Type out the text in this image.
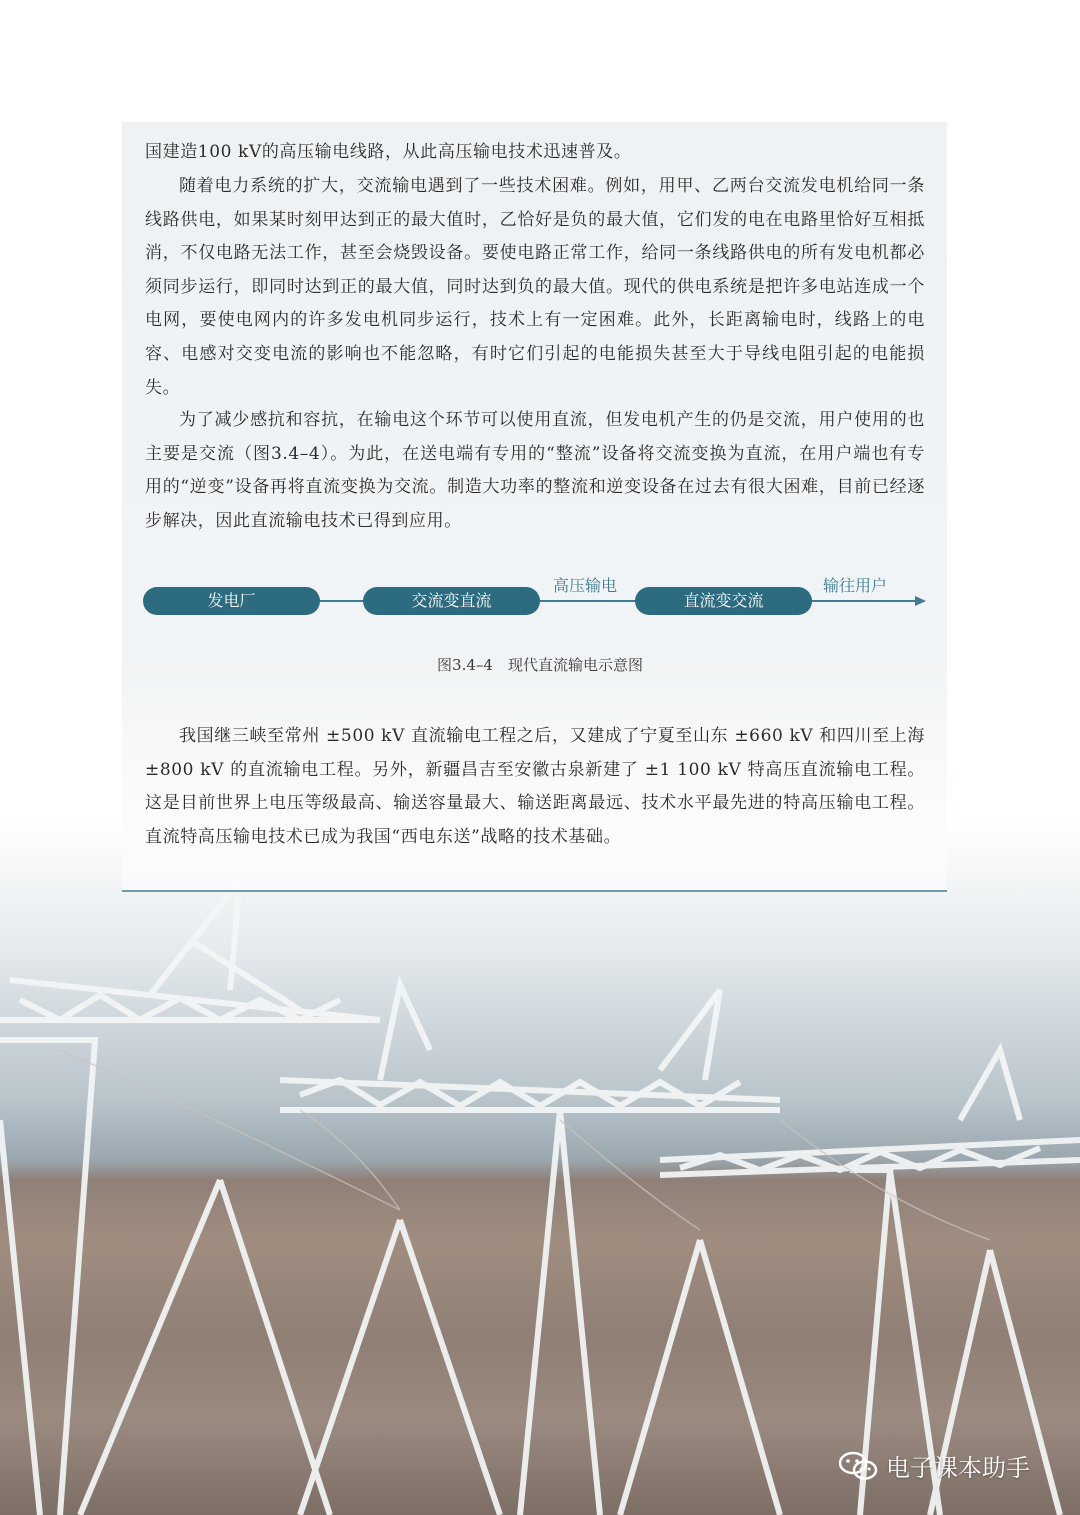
国建造100 kV的高压输电线路，从此高压输电技术迅速普及。
随着电力系统的扩大，交流输电遇到了一些技术困难。例如，用甲、乙两台交流发电机给同一条线路供电，如果某时刻甲达到正的最大值时，乙恰好是负的最大值，它们发的电在电路里恰好互相抵消，不仅电路无法工作，甚至会烧毁设备。要使电路正常工作，给同一条线路供电的所有发电机都必须同步运行，即同时达到正的最大值，同时达到负的最大值。现代的供电系统是把许多电站连成一个电网，要使电网内的许多发电机同步运行，技术上有一定困难。此外，长距离输电时，线路上的电容、电感对交变电流的影响也不能忽略，有时它们引起的电能损失甚至大于导线电阻引起的电能损失。
为了减少感抗和容抗，在输电这个环节可以使用直流，但发电机产生的仍是交流，用户使用的也主要是交流（图3.4–4）。为此，在送电端有专用的“整流”设备将交流变换为直流，在用户端也有专用的“逆变”设备再将直流变换为交流。制造大功率的整流和逆变设备在过去有很大困难，目前已经逐步解决，因此直流输电技术已得到应用。
发电厂	交流变直流
高压输电
直流变交流
输往用户
图3.4–4　现代直流输电示意图
我国继三峡至常州 ±500 kV 直流输电工程之后，又建成了宁夏至山东 ±660 kV 和四川至上海 ±800 kV 的直流输电工程。另外，新疆昌吉至安徽古泉新建了 ±1 100 kV 特高压直流输电工程。这是目前世界上电压等级最高、输送容量最大、输送距离最远、技术水平最先进的特高压输电工程。直流特高压输电技术已成为我国“西电东送”战略的技术基础。
电子课本助手
